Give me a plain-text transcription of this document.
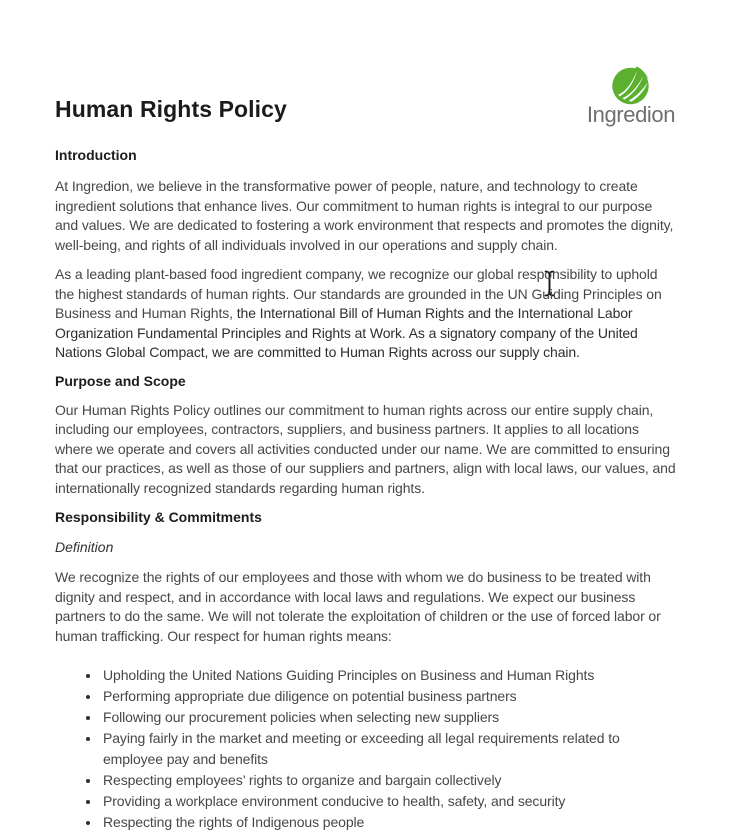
Ingredion
Human Rights Policy
Introduction

At Ingredion, we believe in the transformative power of people, nature, and technology to create ingredient solutions that enhance lives. Our commitment to human rights is integral to our purpose and values. We are dedicated to fostering a work environment that respects and promotes the dignity, well-being, and rights of all individuals involved in our operations and supply chain.

As a leading plant-based food ingredient company, we recognize our global responsibility to uphold the highest standards of human rights. Our standards are grounded in the UN Guiding Principles on Business and Human Rights, the International Bill of Human Rights and the International Labor Organization Fundamental Principles and Rights at Work. As a signatory company of the United Nations Global Compact, we are committed to Human Rights across our supply chain.

Purpose and Scope

Our Human Rights Policy outlines our commitment to human rights across our entire supply chain, including our employees, contractors, suppliers, and business partners. It applies to all locations where we operate and covers all activities conducted under our name. We are committed to ensuring that our practices, as well as those of our suppliers and partners, align with local laws, our values, and internationally recognized standards regarding human rights.

Responsibility & Commitments
Definition

We recognize the rights of our employees and those with whom we do business to be treated with dignity and respect, and in accordance with local laws and regulations. We expect our business partners to do the same. We will not tolerate the exploitation of children or the use of forced labor or human trafficking. Our respect for human rights means:

Upholding the United Nations Guiding Principles on Business and Human Rights
Performing appropriate due diligence on potential business partners
Following our procurement policies when selecting new suppliers
Paying fairly in the market and meeting or exceeding all legal requirements related to employee pay and benefits
Respecting employees’ rights to organize and bargain collectively
Providing a workplace environment conducive to health, safety, and security
Respecting the rights of Indigenous people
